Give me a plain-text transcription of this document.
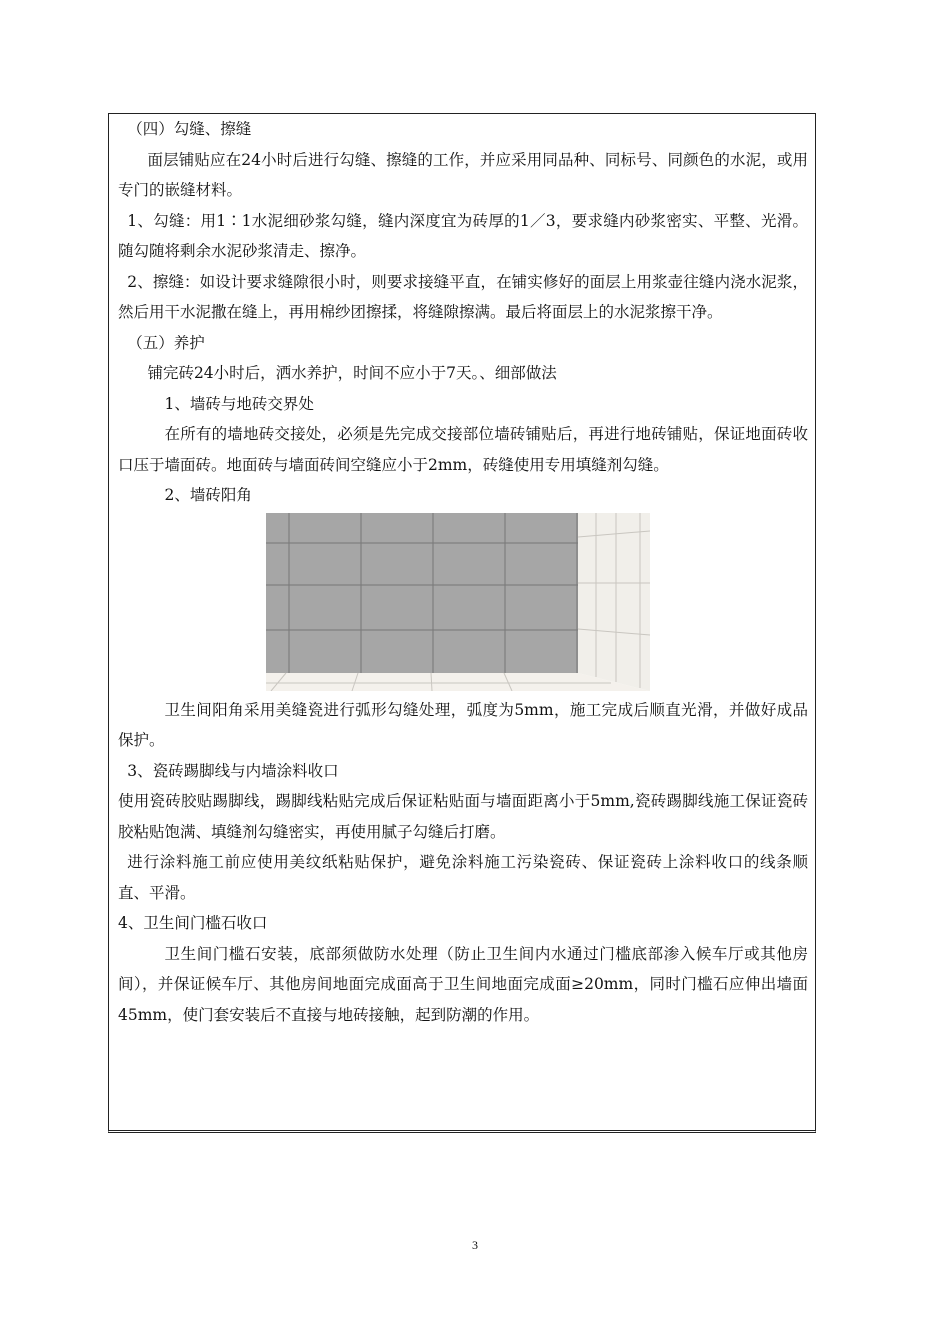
（四）勾缝、擦缝

面层铺贴应在24小时后进行勾缝、擦缝的工作，并应采用同品种、同标号、同颜色的水泥，或用专门的嵌缝材料。

1、勾缝：用1∶1水泥细砂浆勾缝，缝内深度宜为砖厚的1／3，要求缝内砂浆密实、平整、光滑。随勾随将剩余水泥砂浆清走、擦净。

2、擦缝：如设计要求缝隙很小时，则要求接缝平直，在铺实修好的面层上用浆壶往缝内浇水泥浆，然后用干水泥撒在缝上，再用棉纱团擦揉，将缝隙擦满。最后将面层上的水泥浆擦干净。

（五）养护

铺完砖24小时后，洒水养护，时间不应小于7天。、细部做法

1、墙砖与地砖交界处

在所有的墙地砖交接处，必须是先完成交接部位墙砖铺贴后，再进行地砖铺贴，保证地面砖收口压于墙面砖。地面砖与墙面砖间空缝应小于2mm，砖缝使用专用填缝剂勾缝。

2、墙砖阳角

卫生间阳角采用美缝瓷进行弧形勾缝处理，弧度为5mm，施工完成后顺直光滑，并做好成品保护。

3、瓷砖踢脚线与内墙涂料收口

使用瓷砖胶贴踢脚线，踢脚线粘贴完成后保证粘贴面与墙面距离小于5mm,瓷砖踢脚线施工保证瓷砖胶粘贴饱满、填缝剂勾缝密实，再使用腻子勾缝后打磨。

进行涂料施工前应使用美纹纸粘贴保护，避免涂料施工污染瓷砖、保证瓷砖上涂料收口的线条顺直、平滑。

4、卫生间门槛石收口

卫生间门槛石安装，底部须做防水处理（防止卫生间内水通过门槛底部渗入候车厅或其他房间），并保证候车厅、其他房间地面完成面高于卫生间地面完成面≥20mm，同时门槛石应伸出墙面45mm，使门套安装后不直接与地砖接触，起到防潮的作用。

3
